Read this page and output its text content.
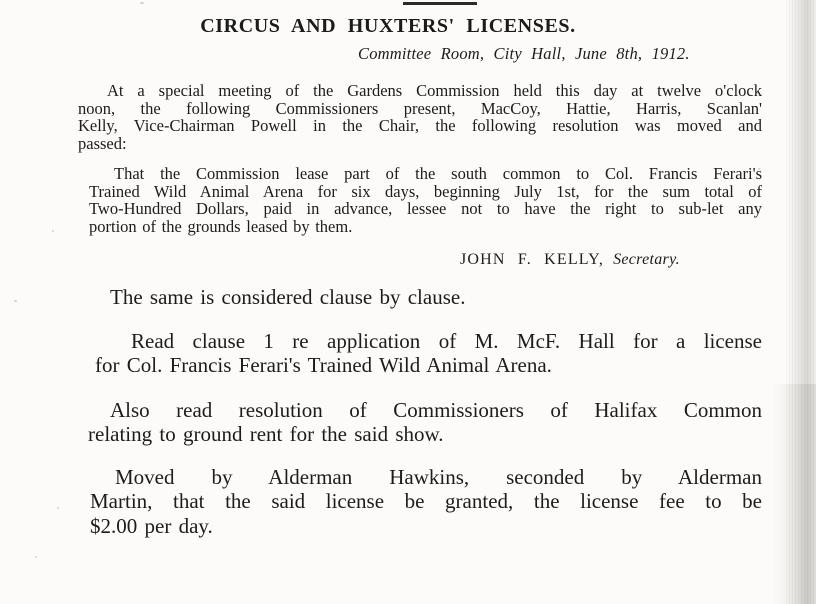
CIRCUS AND HUXTERS' LICENSES.
Committee Room, City Hall, June 8th, 1912.
At a special meeting of the Gardens Commission held this day at twelve o'clock
noon, the following Commissioners present, MacCoy, Hattie, Harris, Scanlan'
Kelly, Vice-Chairman Powell in the Chair, the following resolution was moved and
passed:
That the Commission lease part of the south common to Col. Francis Ferari's
Trained Wild Animal Arena for six days, beginning July 1st, for the sum total of
Two-Hundred Dollars, paid in advance, lessee not to have the right to sub-let any
portion of the grounds leased by them.
JOHN F. KELLY, Secretary.
The same is considered clause by clause.
Read clause 1 re application of M. McF. Hall for a license
for Col. Francis Ferari's Trained Wild Animal Arena.
Also read resolution of Commissioners of Halifax Common
relating to ground rent for the said show.
Moved by Alderman Hawkins, seconded by Alderman
Martin, that the said license be granted, the license fee to be
$2.00 per day.
